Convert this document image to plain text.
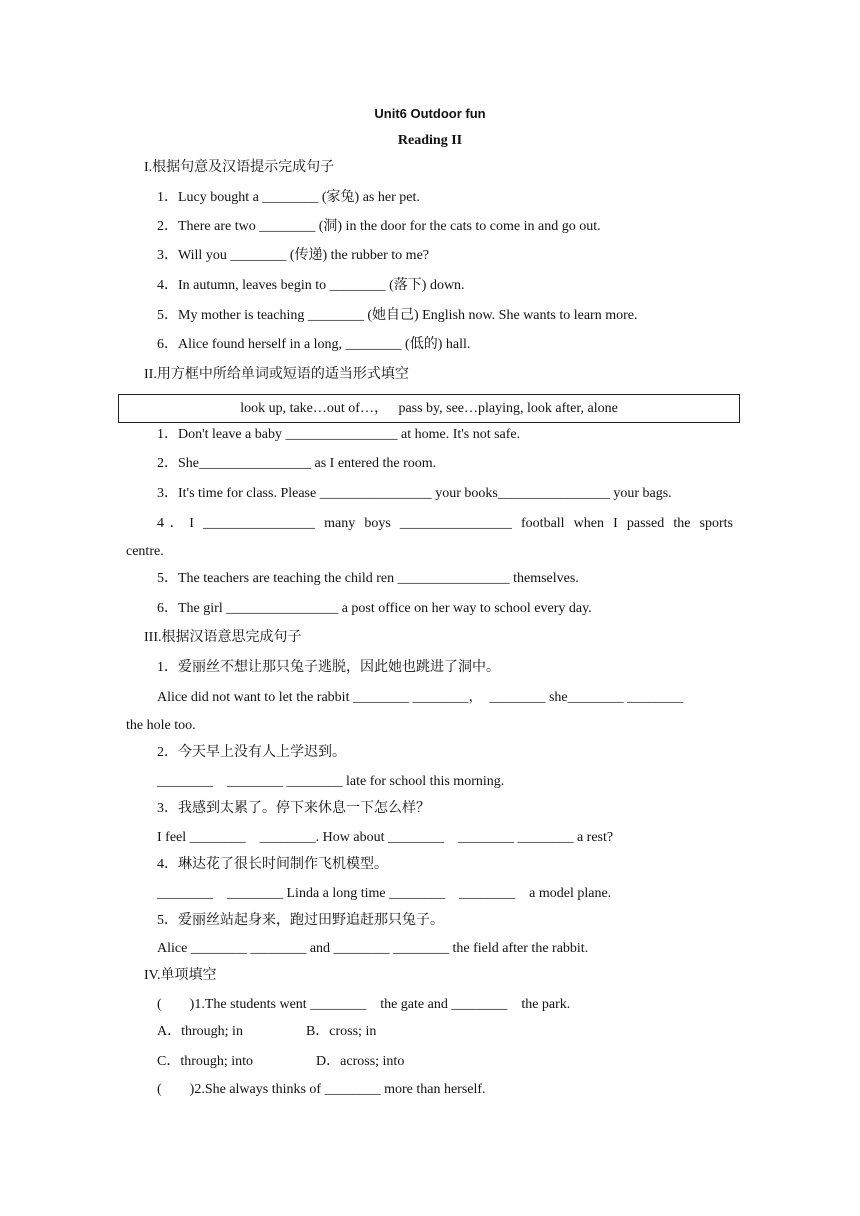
Unit6 Outdoor fun
Reading II
I.根据句意及汉语提示完成句子
1．Lucy bought a ________ (家兔) as her pet.
2．There are two ________ (洞) in the door for the cats to come in and go out.
3．Will you ________ (传递) the rubber to me?
4．In autumn, leaves begin to ________ (落下) down.
5．My mother is teaching ________ (她自己) English now. She wants to learn more.
6．Alice found herself in a long, ________ (低的) hall.
II.用方框中所给单词或短语的适当形式填空
look up, take…out of…，   pass by, see…playing, look after, alone
1．Don't leave a baby ________________ at home. It's not safe.
2．She________________ as I entered the room.
3．It's time for class. Please ________________ your books________________ your bags.
4．I ________________ many boys ________________ football when I passed the sports
centre.
5．The teachers are teaching the child ren ________________ themselves.
6．The girl ________________ a post office on her way to school every day.
III.根据汉语意思完成句子
1．爱丽丝不想让那只兔子逃脱，因此她也跳进了洞中。
Alice did not want to let the rabbit ________ ________，  ________ she________ ________
the hole too.
2．今天早上没有人上学迟到。
________    ________ ________ late for school this morning.
3．我感到太累了。停下来休息一下怎么样？
I feel ________    ________. How about ________    ________ ________ a rest?
4．琳达花了很长时间制作飞机模型。
________    ________ Linda a long time ________    ________    a model plane.
5．爱丽丝站起身来，跑过田野追赶那只兔子。
Alice ________ ________ and ________ ________ the field after the rabbit.
IV.单项填空
(        )1.The students went ________    the gate and ________    the park.
A．through; in                  B．cross; in
C．through; into                  D．across; into
(        )2.She always thinks of ________ more than herself.
